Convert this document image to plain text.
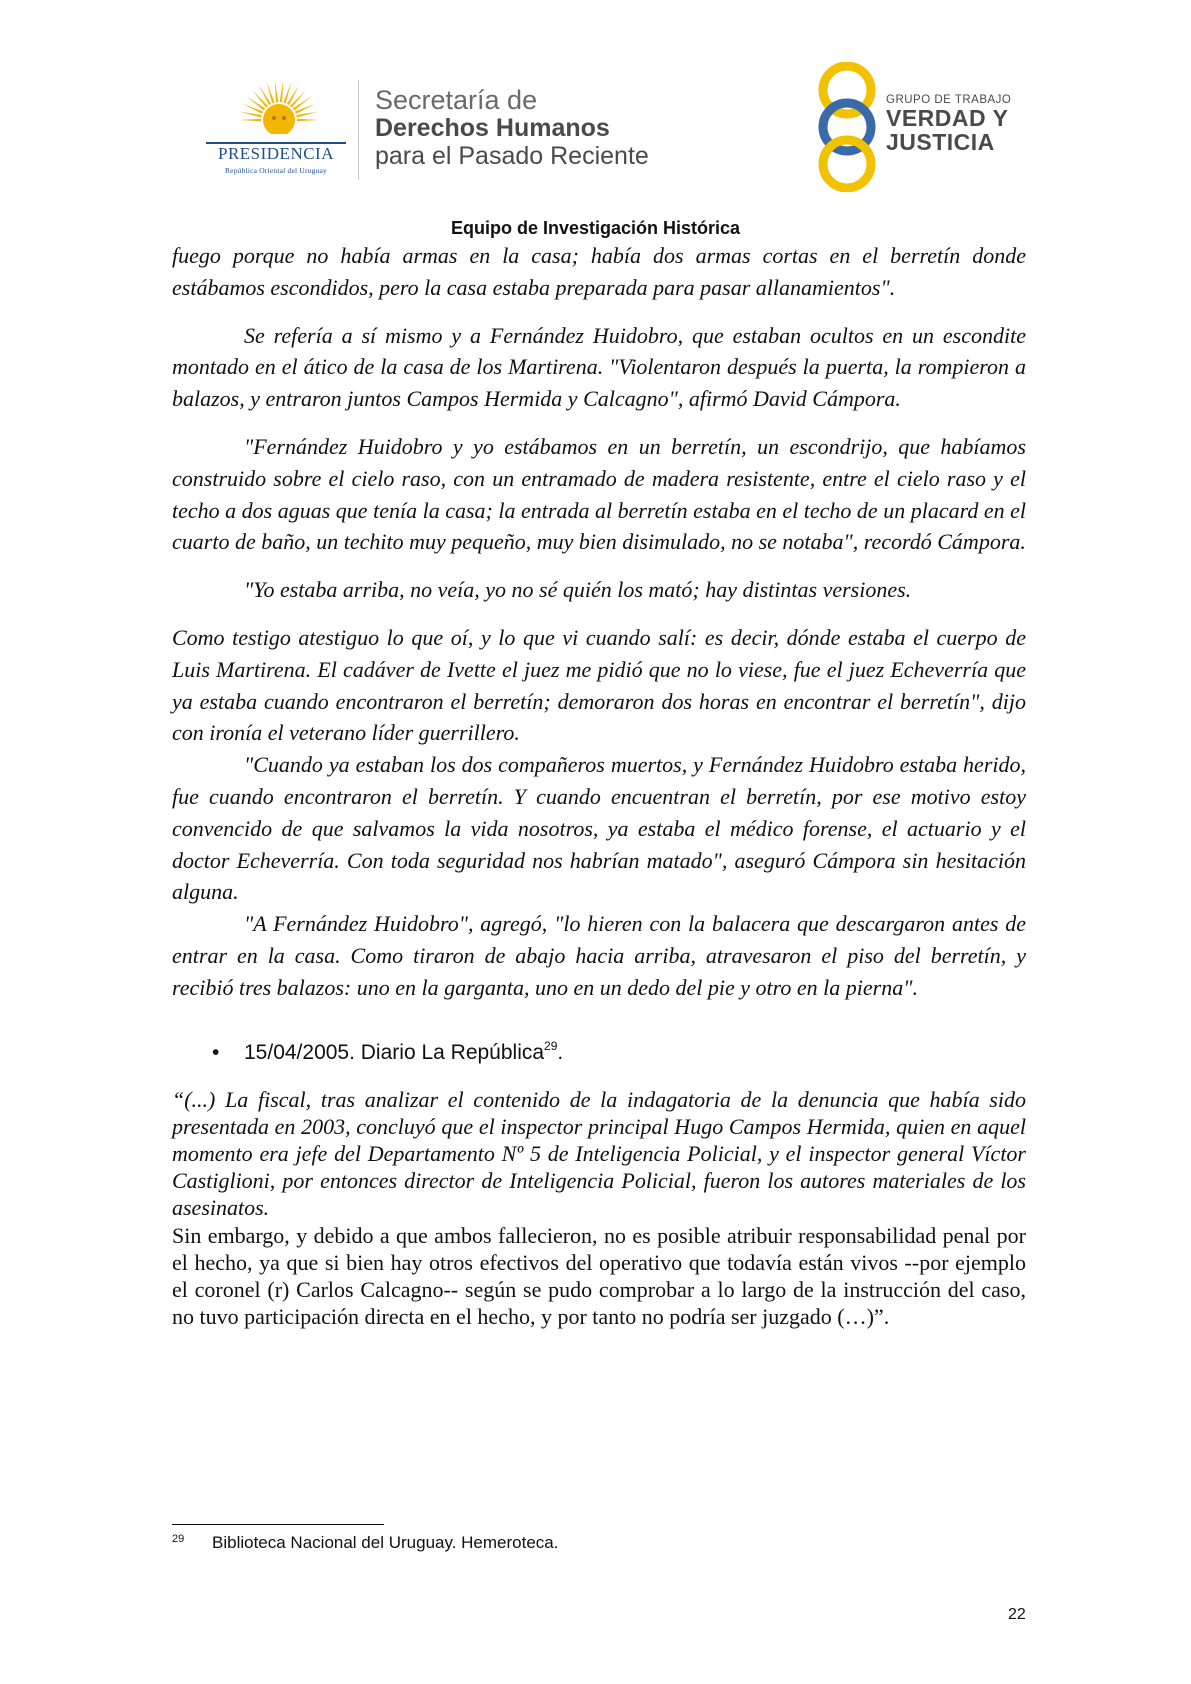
PRESIDENCIA
República Oriental del Uruguay
Secretaría de
Derechos Humanos
para el Pasado Reciente
GRUPO DE TRABAJO
VERDAD Y
JUSTICIA
Equipo de Investigación Histórica

fuego porque no había armas en la casa; había dos armas cortas en el berretín donde estábamos escondidos, pero la casa estaba preparada para pasar allanamientos".

Se refería a sí mismo y a Fernández Huidobro, que estaban ocultos en un escondite montado en el ático de la casa de los Martirena. "Violentaron después la puerta, la rompieron a balazos, y entraron juntos Campos Hermida y Calcagno", afirmó David Cámpora.

"Fernández Huidobro y yo estábamos en un berretín, un escondrijo, que habíamos construido sobre el cielo raso, con un entramado de madera resistente, entre el cielo raso y el techo a dos aguas que tenía la casa; la entrada al berretín estaba en el techo de un placard en el cuarto de baño, un techito muy pequeño, muy bien disimulado, no se notaba", recordó Cámpora.

"Yo estaba arriba, no veía, yo no sé quién los mató; hay distintas versiones.

Como testigo atestiguo lo que oí, y lo que vi cuando salí: es decir, dónde estaba el cuerpo de Luis Martirena. El cadáver de Ivette el juez me pidió que no lo viese, fue el juez Echeverría que ya estaba cuando encontraron el berretín; demoraron dos horas en encontrar el berretín", dijo con ironía el veterano líder guerrillero.

"Cuando ya estaban los dos compañeros muertos, y Fernández Huidobro estaba herido, fue cuando encontraron el berretín. Y cuando encuentran el berretín, por ese motivo estoy convencido de que salvamos la vida nosotros, ya estaba el médico forense, el actuario y el doctor Echeverría. Con toda seguridad nos habrían matado", aseguró Cámpora sin hesitación alguna.

"A Fernández Huidobro", agregó, "lo hieren con la balacera que descargaron antes de entrar en la casa. Como tiraron de abajo hacia arriba, atravesaron el piso del berretín, y recibió tres balazos: uno en la garganta, uno en un dedo del pie y otro en la pierna".

• 15/04/2005. Diario La República$^{29}$.

“(...) La fiscal, tras analizar el contenido de la indagatoria de la denuncia que había sido presentada en 2003, concluyó que el inspector principal Hugo Campos Hermida, quien en aquel momento era jefe del Departamento Nº 5 de Inteligencia Policial, y el inspector general Víctor Castiglioni, por entonces director de Inteligencia Policial, fueron los autores materiales de los asesinatos.

Sin embargo, y debido a que ambos fallecieron, no es posible atribuir responsabilidad penal por el hecho, ya que si bien hay otros efectivos del operativo que todavía están vivos --por ejemplo el coronel (r) Carlos Calcagno-- según se pudo comprobar a lo largo de la instrucción del caso, no tuvo participación directa en el hecho, y por tanto no podría ser juzgado (…)”.

29 Biblioteca Nacional del Uruguay. Hemeroteca.
22
